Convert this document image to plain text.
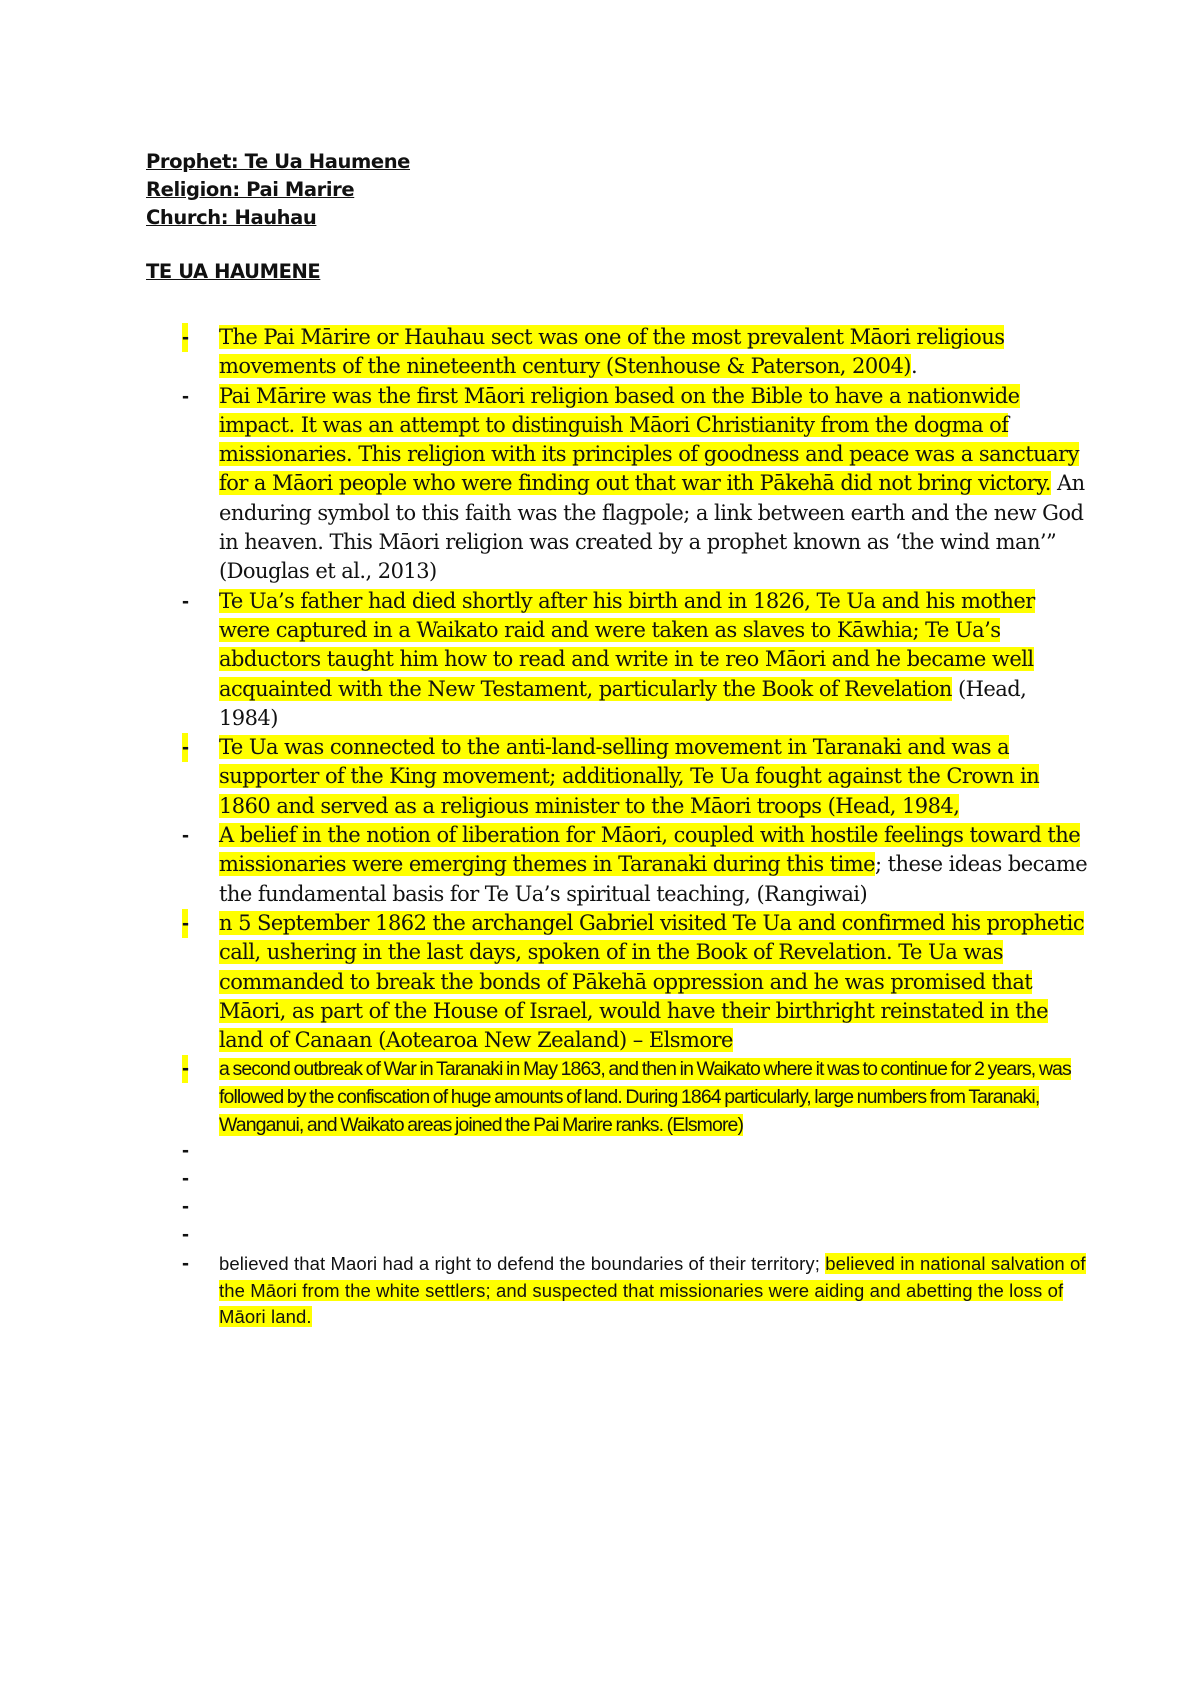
Prophet: Te Ua Haumene
Religion: Pai Marire
Church: Hauhau
TE UA HAUMENE
- The Pai Mārire or Hauhau sect was one of the most prevalent Māori religious movements of the nineteenth century (Stenhouse & Paterson, 2004).
- Pai Mārire was the first Māori religion based on the Bible to have a nationwide impact. It was an attempt to distinguish Māori Christianity from the dogma of missionaries. This religion with its principles of goodness and peace was a sanctuary for a Māori people who were finding out that war ith Pākehā did not bring victory. An enduring symbol to this faith was the flagpole; a link between earth and the new God in heaven. This Māori religion was created by a prophet known as ‘the wind man’” (Douglas et al., 2013)
- Te Ua’s father had died shortly after his birth and in 1826, Te Ua and his mother were captured in a Waikato raid and were taken as slaves to Kāwhia; Te Ua’s abductors taught him how to read and write in te reo Māori and he became well acquainted with the New Testament, particularly the Book of Revelation (Head, 1984)
- Te Ua was connected to the anti-land-selling movement in Taranaki and was a supporter of the King movement; additionally, Te Ua fought against the Crown in 1860 and served as a religious minister to the Māori troops (Head, 1984,
- A belief in the notion of liberation for Māori, coupled with hostile feelings toward the missionaries were emerging themes in Taranaki during this time; these ideas became the fundamental basis for Te Ua’s spiritual teaching, (Rangiwai)
- n 5 September 1862 the archangel Gabriel visited Te Ua and confirmed his prophetic call, ushering in the last days, spoken of in the Book of Revelation. Te Ua was commanded to break the bonds of Pākehā oppression and he was promised that Māori, as part of the House of Israel, would have their birthright reinstated in the land of Canaan (Aotearoa New Zealand) – Elsmore
- a second outbreak of War in Taranaki in May 1863, and then in Waikato where it was to continue for 2 years, was followed by the confiscation of huge amounts of land. During 1864 particularly, large numbers from Taranaki, Wanganui, and Waikato areas joined the Pai Marire ranks. (Elsmore)
-
-
-
-
- believed that Maori had a right to defend the boundaries of their territory; believed in national salvation of the Māori from the white settlers; and suspected that missionaries were aiding and abetting the loss of Māori land.
